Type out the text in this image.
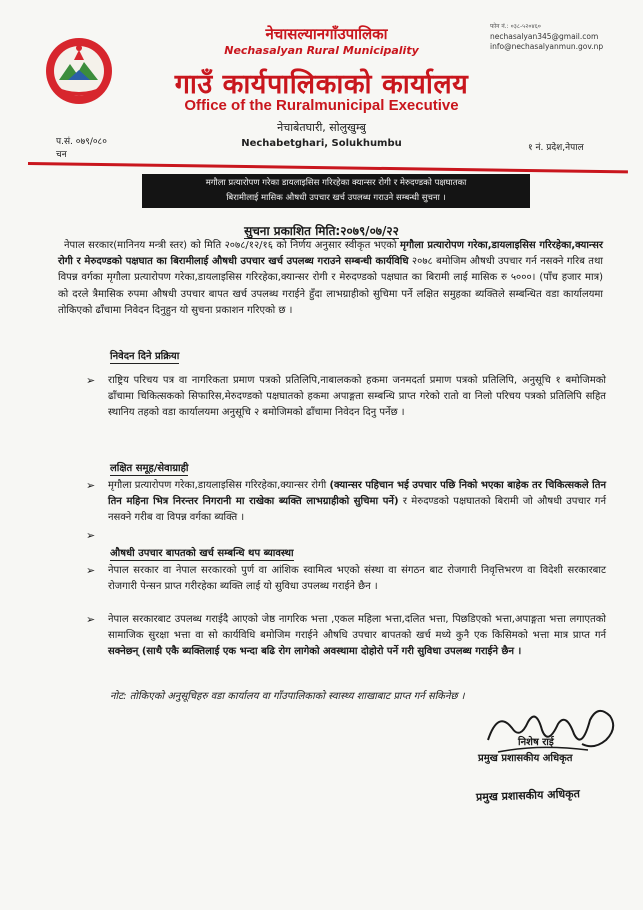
नेचासल्यानगाँउपालिका
Nechasalyan Rural Municipality
गाउँ कार्यपालिकाको कार्यालय
Office of the Ruralmunicipal Executive
नेचाबेतघारी, सोलुखुम्बु
Nechabetghari, Solukhumbu
फोन नं.: ०३८-५२०४६०
nechasalyan345@gmail.com
info@nechasalyanmun.gov.np
प.सं. ०७९/०८०
चन
१ नं. प्रदेश,नेपाल
मगौला प्रत्यारोपण गरेका डायलाइसिस गरिरहेका क्यान्सर रोगी र मेरुदण्डको पक्षघातका
बिरामीलाई मासिक औषधी उपचार खर्च उपलब्ध गराउने सम्बन्धी सुचना ।
सुचना प्रकाशित मिति:२०७९/०७/२२
नेपाल सरकार(मानिनय मन्त्री स्तर) को मिति २०७८/१२/१६ को निर्णय अनुसार स्वीकृत भएको मृगौला प्रत्यारोपण गरेका,डायलाइसिस गरिरहेका,क्यान्सर रोगी र मेरुदण्डको पक्षघात का बिरामीलाई औषधी उपचार खर्च उपलब्ध गराउने सम्बन्धी कार्यविधि २०७८ बमोजिम औषधी उपचार गर्न नसक्ने गरिब तथा विपन्न वर्गका मृगौला प्रत्यारोपण गरेका,डायलाइसिस गरिरहेका,क्यान्सर रोगी र मेरुदण्डको पक्षघात का बिरामी लाई मासिक रु ५०००। (पाँच हजार मात्र) को दरले त्रैमासिक रुपमा औषधी उपचार बापत खर्च उपलब्ध गराईने हुँदा लाभग्राहीको सुचिमा पर्ने लक्षित समुहका ब्यक्तिले सम्बन्धित वडा कार्यालयमा तोकिएको ढाँचामा निवेदन दिनुहुन यो सुचना प्रकाशन गरिएको छ ।
निवेदन दिने प्रक्रिया
➢ राष्ट्रिय परिचय पत्र वा नागरिकता प्रमाण पत्रको प्रतिलिपि,नाबालकको हकमा जनमदर्ता प्रमाण पत्रको प्रतिलिपि, अनुसूचि १ बमोजिमको ढाँचामा चिकित्सकको सिफारिस,मेरुदण्डको पक्षघातको हकमा अपाङ्गता सम्बन्धि प्राप्त गरेको रातो वा निलो परिचय पत्रको प्रतिलिपि सहित स्थानिय तहको वडा कार्यालयमा अनुसूचि २ बमोजिमको ढाँचामा निवेदन दिनु पर्नेछ ।
लक्षित समूह/सेवाग्राही
➢ मृगौला प्रत्यारोपण गरेका,डायलाइसिस गरिरहेका,क्यान्सर रोगी (क्यान्सर पहिचान भई उपचार पछि निको भएका बाहेक तर चिकित्सकले तिन तिन महिना भित्र निरन्तर निगरानी मा राखेका ब्यक्ति लाभग्राहीको सुचिमा पर्ने) र मेरुदण्डको पक्षघातको बिरामी जो औषधी उपचार गर्न नसक्ने गरीब वा विपन्न वर्गका ब्यक्ति ।
➢
औषधी उपचार बापतको खर्च सम्बन्धि थप ब्यावस्था
➢ नेपाल सरकार वा नेपाल सरकारको पुर्ण वा आंशिक स्वामित्व भएको संस्था वा संगठन बाट रोजगारी निवृत्तिभरण वा विदेशी सरकारबाट रोजगारी पेन्सन प्राप्त गरीरहेका ब्यक्ति लाई यो सुविधा उपलब्ध गराईने छैन ।
➢ नेपाल सरकारबाट उपलब्ध गराईदै आएको जेष्ठ नागरिक भत्ता ,एकल महिला भत्ता,दलित भत्ता, पिछडिएको भत्ता,अपाङ्गता भत्ता लगाएतको सामाजिक सुरक्षा भत्ता वा सो कार्यविधि बमोजिम गराईने औषधि उपचार बापतको खर्च मध्ये कुनै एक किसिमको भत्ता मात्र प्राप्त गर्न सक्नेछन् (साथै एकै ब्यक्तिलाई एक भन्दा बढि रोग लागेको अवस्थामा दोहोरो पर्ने गरी सुविधा उपलब्ध गराईने छैन ।
नोट: तोकिएको अनुसूचिहरु वडा कार्यालय वा गाँउपालिकाको स्वास्थ्य शाखाबाट प्राप्त गर्न सकिनेछ ।
निशेष राई
प्रमुख प्रशासकीय अधिकृत
प्रमुख प्रशासकीय अधिकृत
